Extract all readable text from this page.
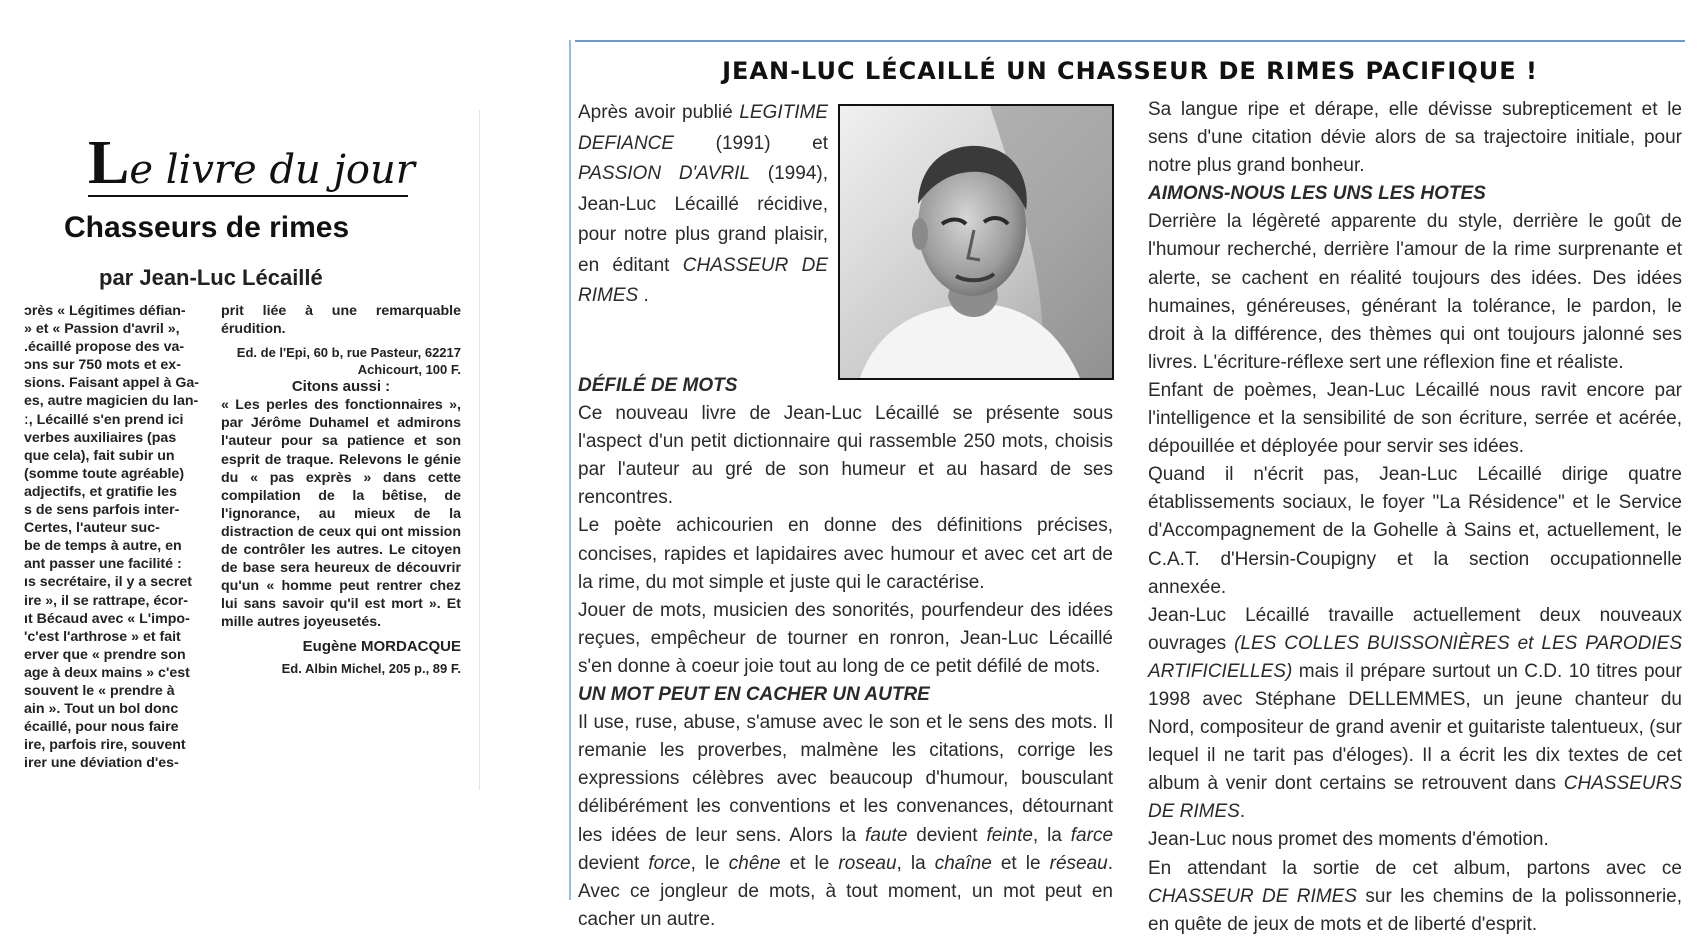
Le livre du jour
Chasseurs de rimes
par Jean-Luc Lécaillé
ɔrès « Légitimes défian-
» et « Passion d'avril »,
.écaillé propose des va-
ɔns sur 750 mots et ex-
sions. Faisant appel à Ga-
es, autre magicien du lan-
ː, Lécaillé s'en prend ici
verbes auxiliaires (pas
que cela), fait subir un
(somme toute agréable)
adjectifs, et gratifie les
s de sens parfois inter-
Certes, l'auteur suc-
be de temps à autre, en
ant passer une facilité :
ıs secrétaire, il y a secret
ire », il se rattrape, écor-
ıt Bécaud avec « L'impo-
'c'est l'arthrose » et fait
erver que « prendre son
age à deux mains » c'est
souvent le « prendre à
ain ». Tout un bol donc
écaillé, pour nous faire
ire, parfois rire, souvent
irer une déviation d'es-

prit liée à une remarquable érudition.

Ed. de l'Epi, 60 b, rue Pasteur, 62217 Achicourt, 100 F.

Citons aussi :

« Les perles des fonctionnaires », par Jérôme Duhamel et admirons l'auteur pour sa patience et son esprit de traque. Relevons le génie du « pas exprès » dans cette compilation de la bêtise, de l'ignorance, au mieux de la distraction de ceux qui ont mission de contrôler les autres. Le citoyen de base sera heureux de découvrir qu'un « homme peut rentrer chez lui sans savoir qu'il est mort ». Et mille autres joyeusetés.

Eugène MORDACQUE

Ed. Albin Michel, 205 p., 89 F.

JEAN-LUC LÉCAILLÉ UN CHASSEUR DE RIMES PACIFIQUE !
Après avoir publié LEGITIME DEFIANCE (1991) et PASSION D'AVRIL (1994), Jean-Luc Lécaillé récidive, pour notre plus grand plaisir, en éditant CHASSEUR DE RIMES .

DÉFILÉ DE MOTS

Ce nouveau livre de Jean-Luc Lécaillé se présente sous l'aspect d'un petit dictionnaire qui rassemble 250 mots, choisis par l'auteur au gré de son humeur et au hasard de ses rencontres.

Le poète achicourien en donne des définitions précises, concises, rapides et lapidaires avec humour et avec cet art de la rime, du mot simple et juste qui le caractérise.

Jouer de mots, musicien des sonorités, pourfendeur des idées reçues, empêcheur de tourner en ronron, Jean-Luc Lécaillé s'en donne à coeur joie tout au long de ce petit défilé de mots.

UN MOT PEUT EN CACHER UN AUTRE

Il use, ruse, abuse, s'amuse avec le son et le sens des mots. Il remanie les proverbes, malmène les citations, corrige les expressions célèbres avec beaucoup d'humour, bousculant délibérément les conventions et les convenances, détournant les idées de leur sens. Alors la faute devient feinte, la farce devient force, le chêne et le roseau, la chaîne et le réseau. Avec ce jongleur de mots, à tout moment, un mot peut en cacher un autre.

Sa langue ripe et dérape, elle dévisse subrepticement et le sens d'une citation dévie alors de sa trajectoire initiale, pour notre plus grand bonheur.

AIMONS-NOUS LES UNS LES HOTES

Derrière la légèreté apparente du style, derrière le goût de l'humour recherché, derrière l'amour de la rime surprenante et alerte, se cachent en réalité toujours des idées. Des idées humaines, généreuses, générant la tolérance, le pardon, le droit à la différence, des thèmes qui ont toujours jalonné ses livres. L'écriture-réflexe sert une réflexion fine et réaliste.

Enfant de poèmes, Jean-Luc Lécaillé nous ravit encore par l'intelligence et la sensibilité de son écriture, serrée et acérée, dépouillée et déployée pour servir ses idées.

Quand il n'écrit pas, Jean-Luc Lécaillé dirige quatre établissements sociaux, le foyer "La Résidence" et le Service d'Accompagnement de la Gohelle à Sains et, actuellement, le C.A.T. d'Hersin-Coupigny et la section occupationnelle annexée.

Jean-Luc Lécaillé travaille actuellement deux nouveaux ouvrages (LES COLLES BUISSONIÈRES et LES PARODIES ARTIFICIELLES) mais il prépare surtout un C.D. 10 titres pour 1998 avec Stéphane DELLEMMES, un jeune chanteur du Nord, compositeur de grand avenir et guitariste talentueux, (sur lequel il ne tarit pas d'éloges). Il a écrit les dix textes de cet album à venir dont certains se retrouvent dans CHASSEURS DE RIMES.

Jean-Luc nous promet des moments d'émotion.

En attendant la sortie de cet album, partons avec ce CHASSEUR DE RIMES sur les chemins de la polissonnerie, en quête de jeux de mots et de liberté d'esprit.
